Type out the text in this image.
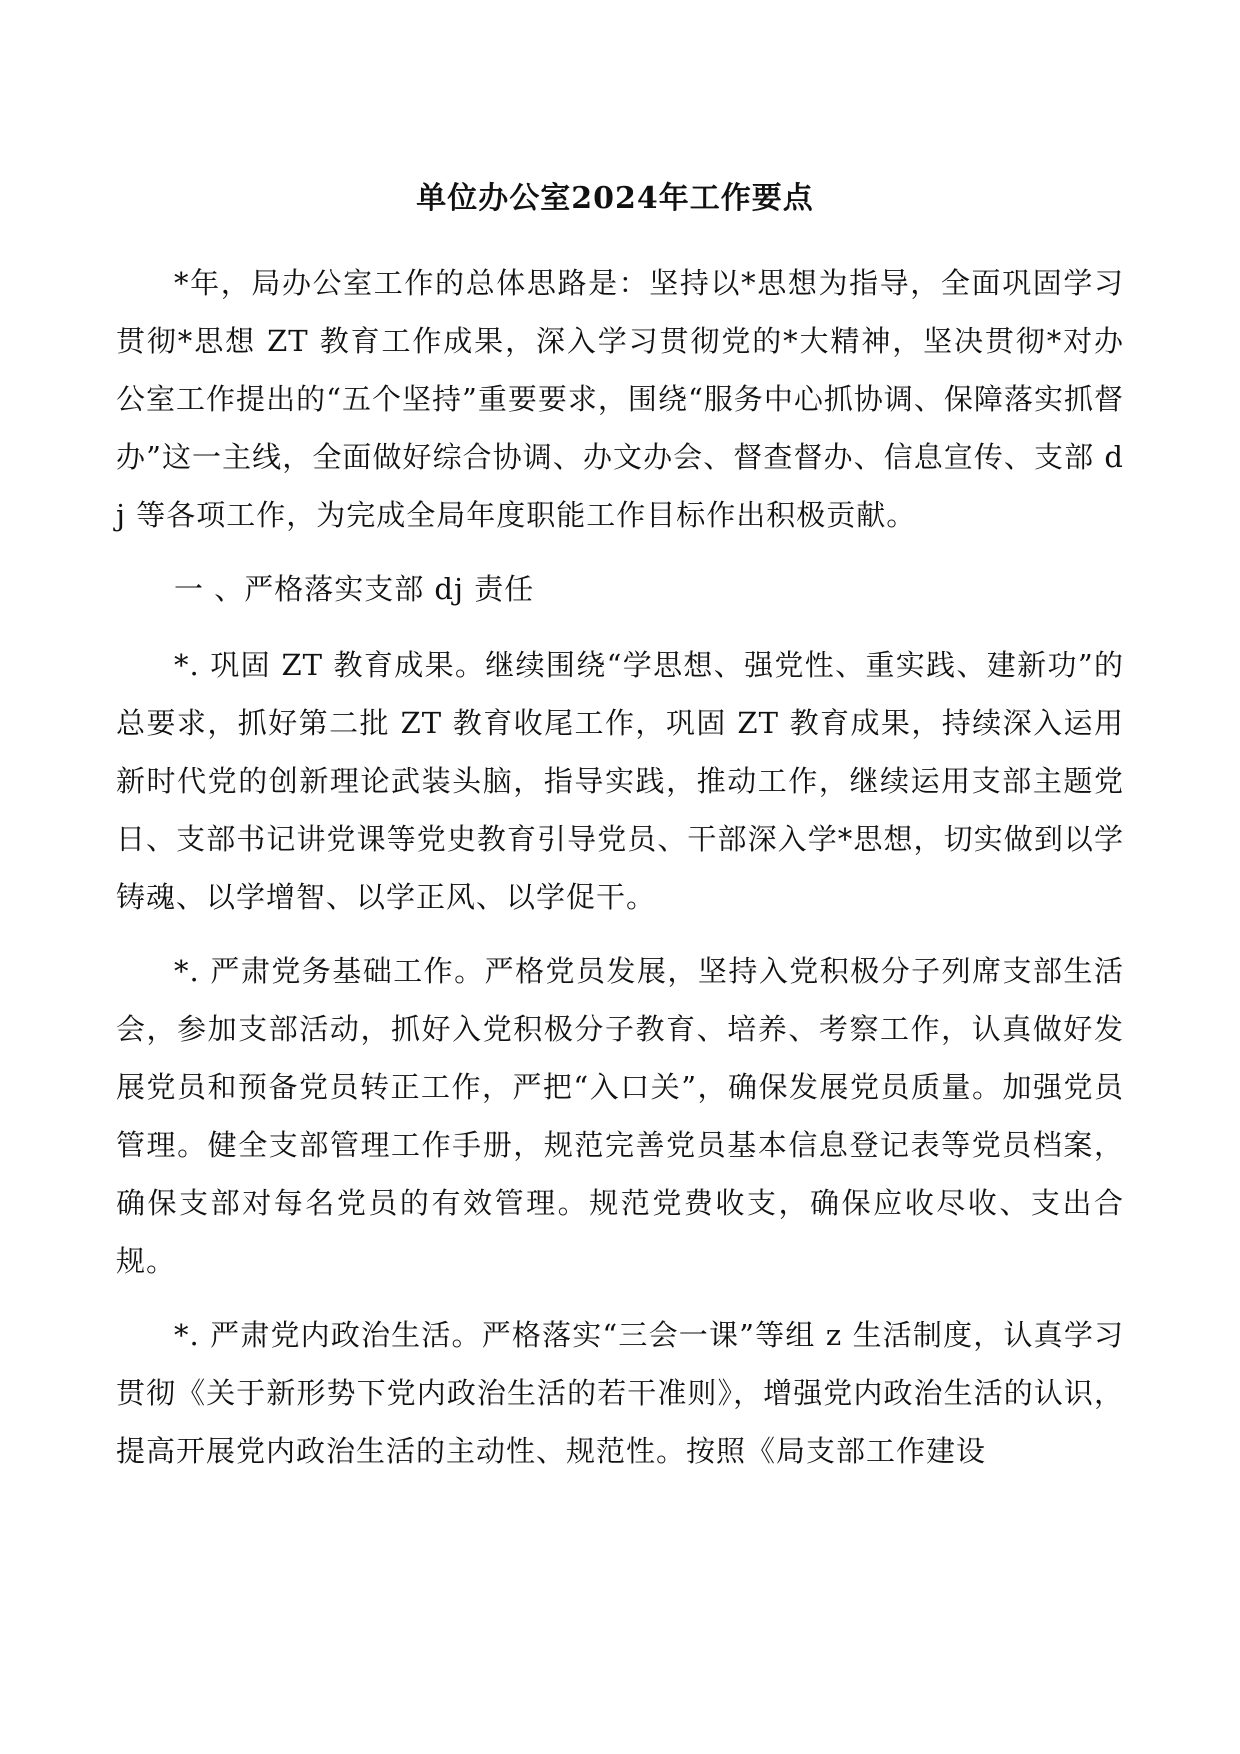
单位办公室2024年工作要点

*年，局办公室工作的总体思路是：坚持以*思想为指导，全面巩固学习贯彻*思想 ZT 教育工作成果，深入学习贯彻党的*大精神，坚决贯彻*对办公室工作提出的“五个坚持”重要要求，围绕“服务中心抓协调、保障落实抓督办”这一主线，全面做好综合协调、办文办会、督查督办、信息宣传、支部 dj 等各项工作，为完成全局年度职能工作目标作出积极贡献。

一 、严格落实支部 dj 责任

*. 巩固 ZT 教育成果。继续围绕“学思想、强党性、重实践、建新功”的总要求，抓好第二批 ZT 教育收尾工作，巩固 ZT 教育成果，持续深入运用新时代党的创新理论武装头脑，指导实践，推动工作，继续运用支部主题党日、支部书记讲党课等党史教育引导党员、干部深入学*思想，切实做到以学铸魂、以学增智、以学正风、以学促干。

*. 严肃党务基础工作。严格党员发展，坚持入党积极分子列席支部生活会，参加支部活动，抓好入党积极分子教育、培养、考察工作，认真做好发展党员和预备党员转正工作，严把“入口关”，确保发展党员质量。加强党员管理。健全支部管理工作手册，规范完善党员基本信息登记表等党员档案，确保支部对每名党员的有效管理。规范党费收支，确保应收尽收、支出合规。

*. 严肃党内政治生活。严格落实“三会一课”等组 z 生活制度，认真学习贯彻《关于新形势下党内政治生活的若干准则》，增强党内政治生活的认识，提高开展党内政治生活的主动性、规范性。按照《局支部工作建设
